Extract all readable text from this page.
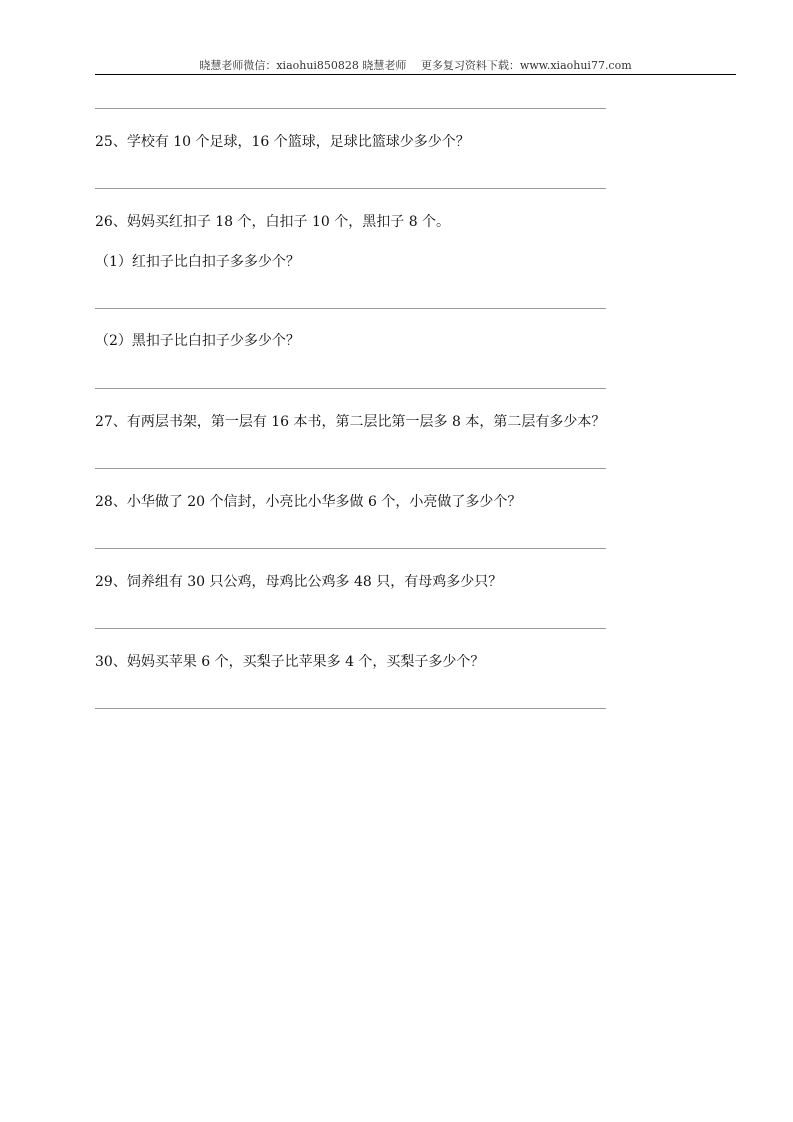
晓慧老师微信：xiaohui850828 晓慧老师　 更多复习资料下载：www.xiaohui77.com
25、学校有 10 个足球，16 个篮球，足球比篮球少多少个？
26、妈妈买红扣子 18 个，白扣子 10 个，黑扣子 8 个。
（1）红扣子比白扣子多多少个？
（2）黑扣子比白扣子少多少个？
27、有两层书架，第一层有 16 本书，第二层比第一层多 8 本，第二层有多少本？
28、小华做了 20 个信封，小亮比小华多做 6 个，小亮做了多少个？
29、饲养组有 30 只公鸡，母鸡比公鸡多 48 只，有母鸡多少只？
30、妈妈买苹果 6 个，买梨子比苹果多 4 个，买梨子多少个？
